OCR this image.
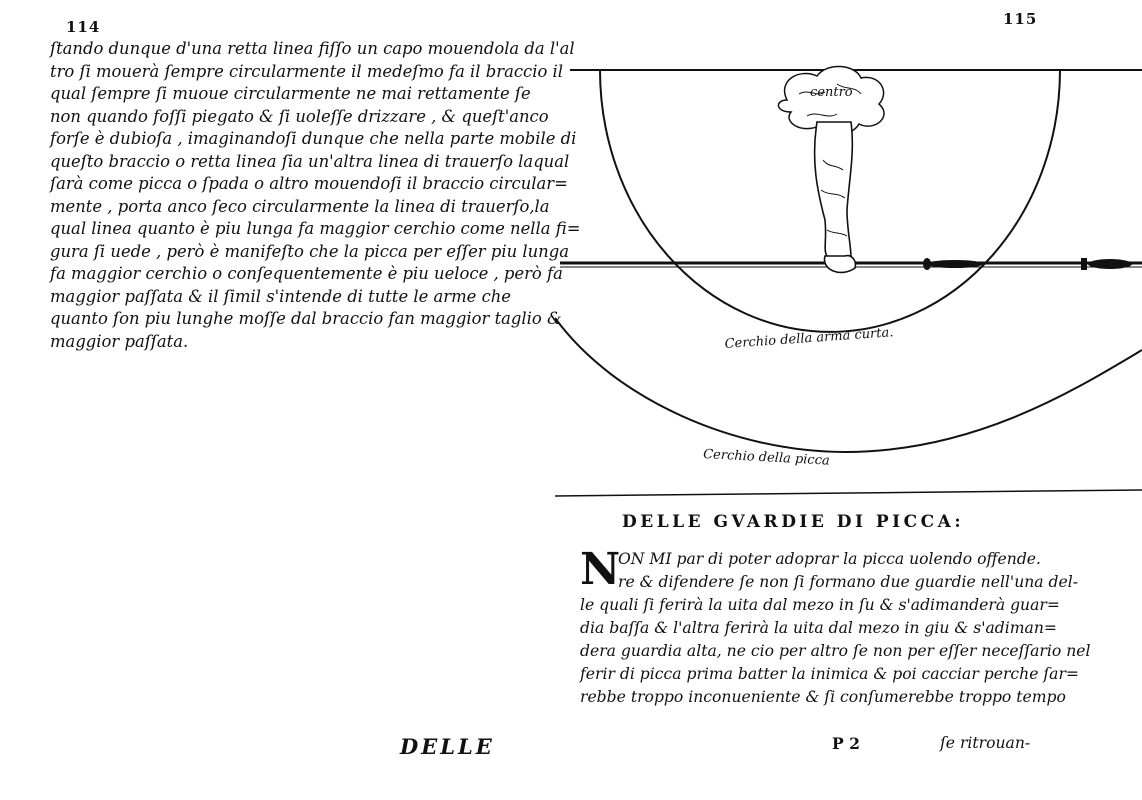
114
ſtando dunque d'una retta linea fiſſo un capo mouendola da l'al
tro ſi mouerà ſempre circularmente il medeſmo fa il braccio il
qual ſempre ſi muoue circularmente ne mai rettamente ſe
non quando foſſi piegato & ſi uoleſſe drizzare , & queſt'anco
forſe è dubioſa , imaginandoſi dunque che nella parte mobile di
queſto braccio o retta linea ſia un'altra linea di trauerſo laqual
ſarà come picca o ſpada o altro mouendoſi il braccio circular=
mente , porta anco ſeco circularmente la linea di trauerſo,la
qual linea quanto è piu lunga fa maggior cerchio come nella fi=
gura ſi uede , però è manifeſto che la picca per eſſer piu lunga
fa maggior cerchio o conſequentemente è piu ueloce , però fa
maggior paſſata & il ſimil s'intende di tutte le arme che
quanto ſon piu lunghe moſſe dal braccio fan maggior taglio &
maggior paſſata.
DELLE
115
centro
Cerchio della arma curta.
Cerchio della picca
DELLE GVARDIE DI PICCA:
N
ON MI par di poter adoprar la picca uolendo offende.
re & difendere ſe non ſi formano due guardie nell'una del-
le quali ſi ferirà la uita dal mezo in ſu & s'adimanderà guar=
dia baſſa & l'altra ferirà la uita dal mezo in giu & s'adiman=
dera guardia alta, ne cio per altro ſe non per eſſer neceſſario nel
ferir di picca prima batter la inimica & poi cacciar perche ſar=
rebbe troppo inconueniente & ſi conſumerebbe troppo tempo
P 2	ſe ritrouan-
